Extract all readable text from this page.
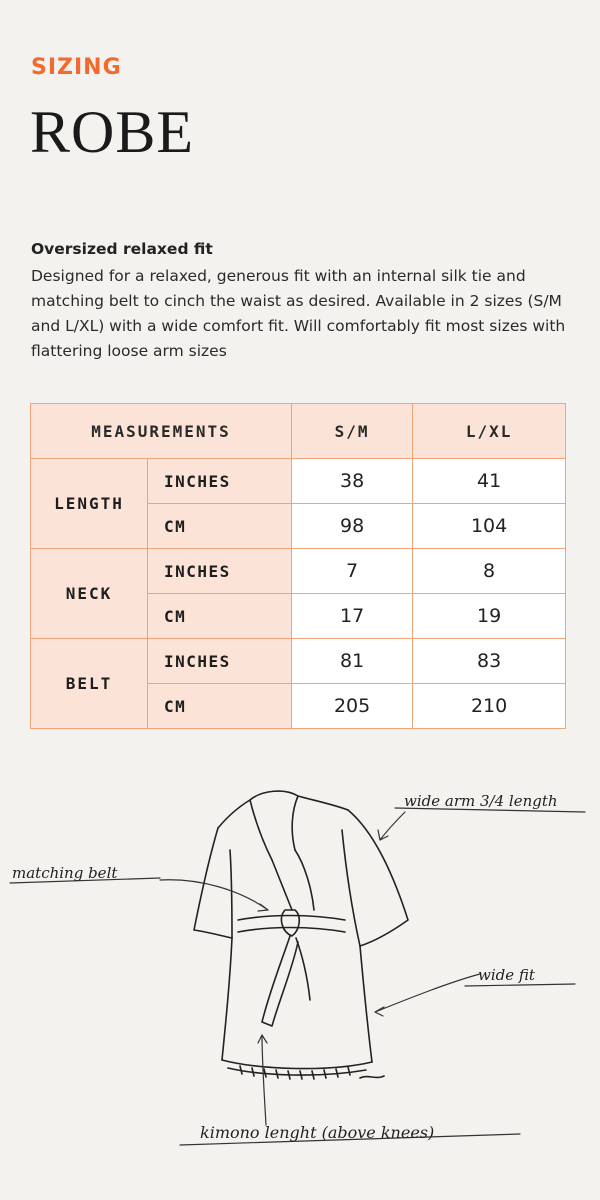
SIZING
ROBE
Oversized relaxed fit

Designed for a relaxed, generous fit with an internal silk tie and matching belt to cinch the waist as desired. Available in 2 sizes (S/M and L/XL) with a wide comfort fit. Will comfortably fit most sizes with flattering loose arm sizes

MEASUREMENTS		S/M	L/XL
LENGTH	INCHES	38	41
	CM	98	104
NECK	INCHES	7	8
	CM	17	19
BELT	INCHES	81	83
	CM	205	210
wide arm 3/4 length
matching belt
wide fit
kimono lenght (above knees)
